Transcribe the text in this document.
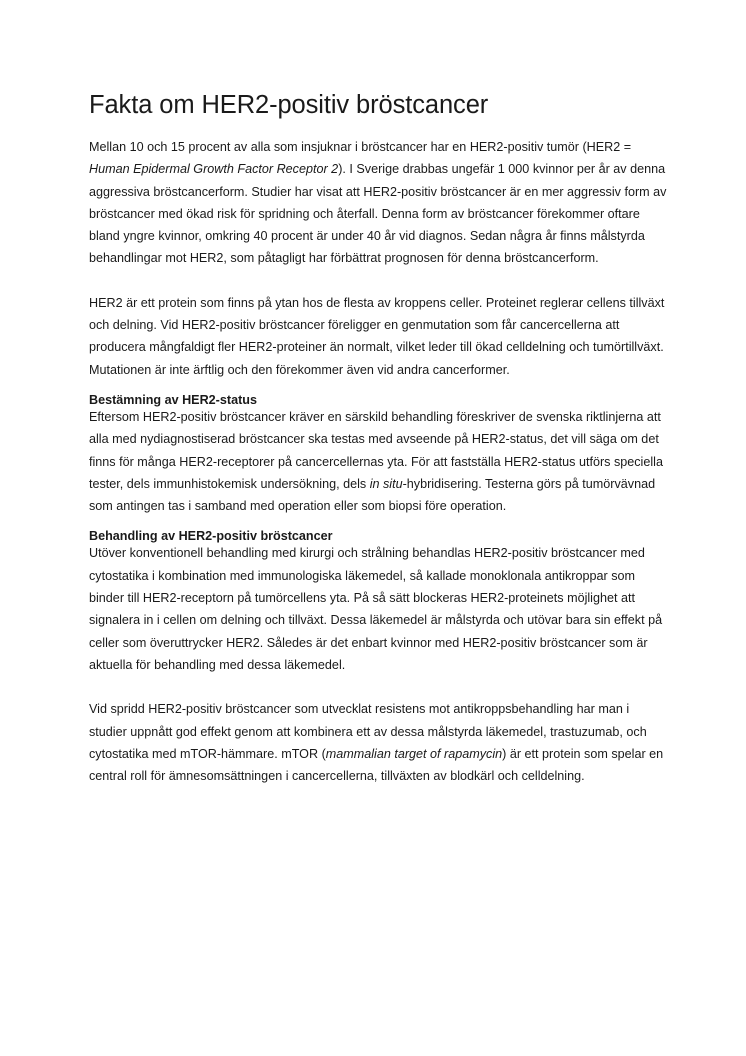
Fakta om HER2-positiv bröstcancer

Mellan 10 och 15 procent av alla som insjuknar i bröstcancer har en HER2-positiv tumör (HER2 = Human Epidermal Growth Factor Receptor 2). I Sverige drabbas ungefär 1 000 kvinnor per år av denna aggressiva bröstcancerform. Studier har visat att HER2-positiv bröstcancer är en mer aggressiv form av bröstcancer med ökad risk för spridning och återfall. Denna form av bröstcancer förekommer oftare bland yngre kvinnor, omkring 40 procent är under 40 år vid diagnos. Sedan några år finns målstyrda behandlingar mot HER2, som påtagligt har förbättrat prognosen för denna bröstcancerform.

HER2 är ett protein som finns på ytan hos de flesta av kroppens celler. Proteinet reglerar cellens tillväxt och delning. Vid HER2-positiv bröstcancer föreligger en genmutation som får cancercellerna att producera mångfaldigt fler HER2-proteiner än normalt, vilket leder till ökad celldelning och tumörtillväxt. Mutationen är inte ärftlig och den förekommer även vid andra cancerformer.

Bestämning av HER2-status

Eftersom HER2-positiv bröstcancer kräver en särskild behandling föreskriver de svenska riktlinjerna att alla med nydiagnostiserad bröstcancer ska testas med avseende på HER2-status, det vill säga om det finns för många HER2-receptorer på cancercellernas yta. För att fastställa HER2-status utförs speciella tester, dels immunhistokemisk undersökning, dels in situ-hybridisering. Testerna görs på tumörvävnad som antingen tas i samband med operation eller som biopsi före operation.

Behandling av HER2-positiv bröstcancer

Utöver konventionell behandling med kirurgi och strålning behandlas HER2-positiv bröstcancer med cytostatika i kombination med immunologiska läkemedel, så kallade monoklonala antikroppar som binder till HER2-receptorn på tumörcellens yta. På så sätt blockeras HER2-proteinets möjlighet att signalera in i cellen om delning och tillväxt. Dessa läkemedel är målstyrda och utövar bara sin effekt på celler som överuttrycker HER2. Således är det enbart kvinnor med HER2-positiv bröstcancer som är aktuella för behandling med dessa läkemedel.

Vid spridd HER2-positiv bröstcancer som utvecklat resistens mot antikroppsbehandling har man i studier uppnått god effekt genom att kombinera ett av dessa målstyrda läkemedel, trastuzumab, och cytostatika med mTOR-hämmare. mTOR (mammalian target of rapamycin) är ett protein som spelar en central roll för ämnesomsättningen i cancercellerna, tillväxten av blodkärl och celldelning.
